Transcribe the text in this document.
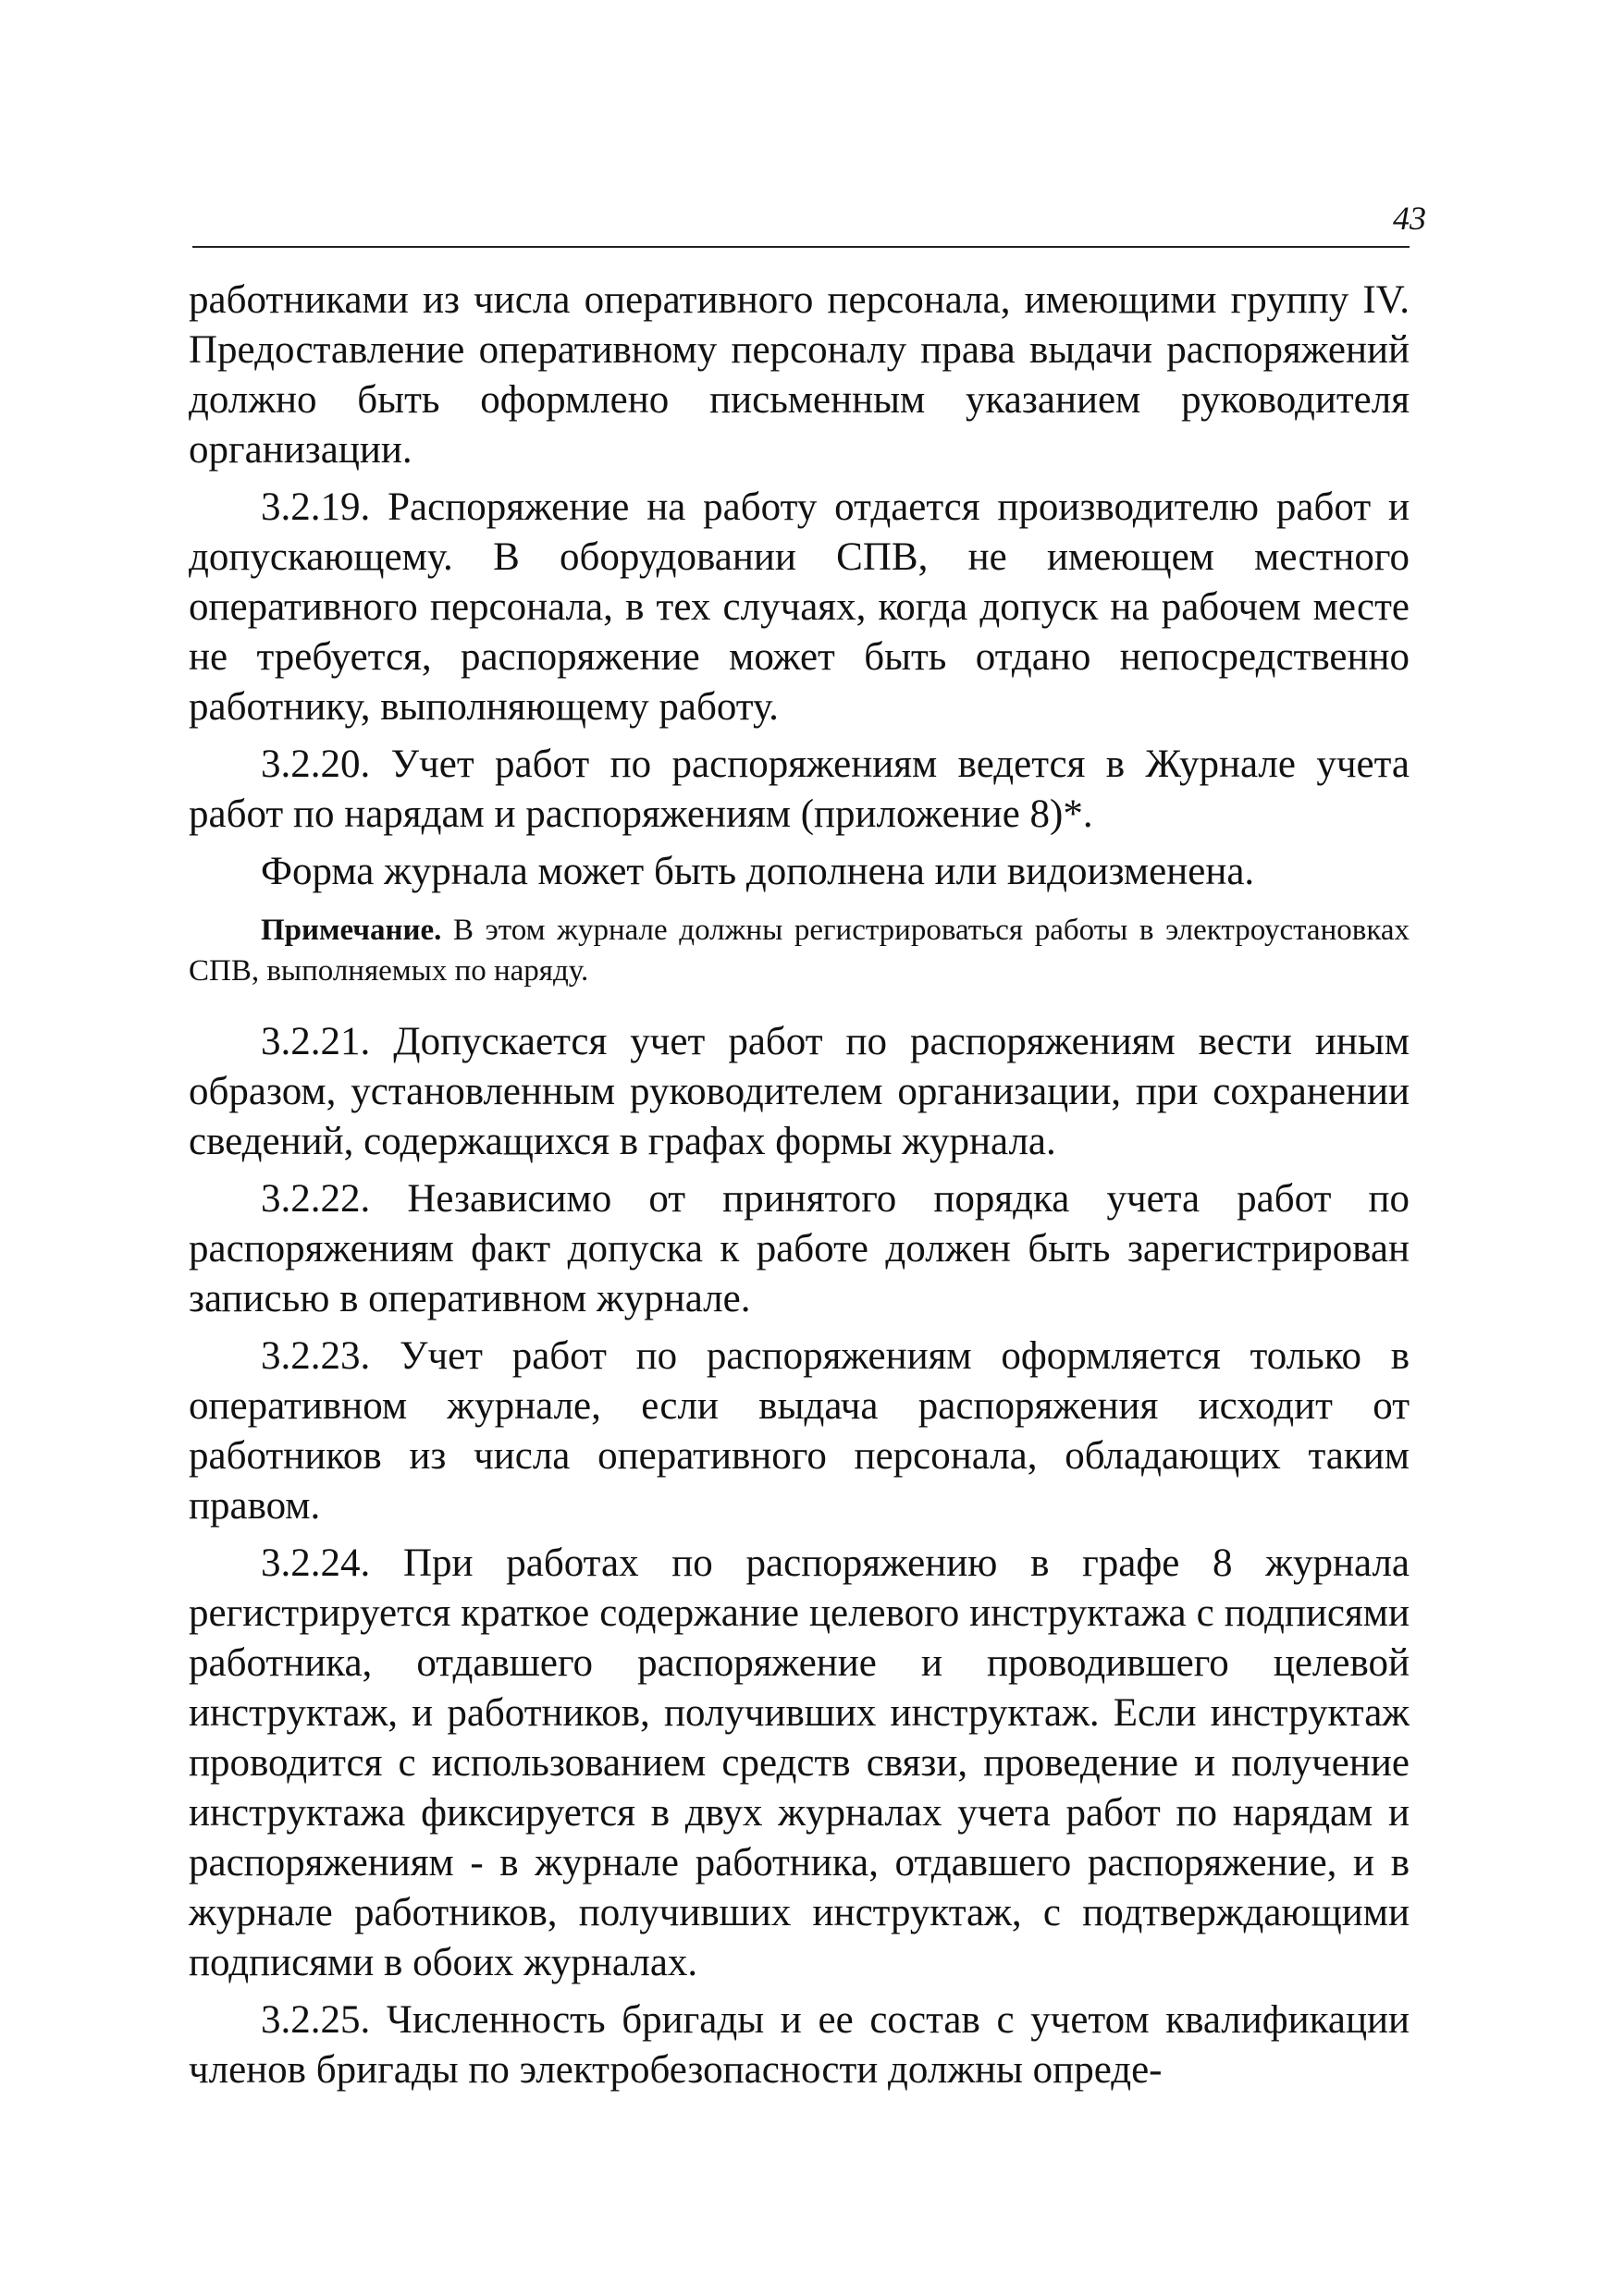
43

работниками из числа оперативного персонала, имеющими группу IV. Предоставление оперативному персоналу права выдачи распоряжений должно быть оформлено письменным указанием руководителя организации.

3.2.19. Распоряжение на работу отдается производителю работ и допускающему. В оборудовании СПВ, не имеющем местного оперативного персонала, в тех случаях, когда допуск на рабочем месте не требуется, распоряжение может быть отдано непосредственно работнику, выполняющему работу.

3.2.20. Учет работ по распоряжениям ведется в Журнале учета работ по нарядам и распоряжениям (приложение 8)*.

Форма журнала может быть дополнена или видоизменена.

Примечание. В этом журнале должны регистрироваться работы в электроустановках СПВ, выполняемых по наряду.

3.2.21. Допускается учет работ по распоряжениям вести иным образом, установленным руководителем организации, при сохранении сведений, содержащихся в графах формы журнала.

3.2.22. Независимо от принятого порядка учета работ по распоряжениям факт допуска к работе должен быть зарегистрирован записью в оперативном журнале.

3.2.23. Учет работ по распоряжениям оформляется только в оперативном журнале, если выдача распоряжения исходит от работников из числа оперативного персонала, обладающих таким правом.

3.2.24. При работах по распоряжению в графе 8 журнала регистрируется краткое содержание целевого инструктажа с подписями работника, отдавшего распоряжение и проводившего целевой инструктаж, и работников, получивших инструктаж. Если инструктаж проводится с использованием средств связи, проведение и получение инструктажа фиксируется в двух журналах учета работ по нарядам и распоряжениям - в журнале работника, отдавшего распоряжение, и в журнале работников, получивших инструктаж, с подтверждающими подписями в обоих журналах.

3.2.25. Численность бригады и ее состав с учетом квалификации членов бригады по электробезопасности должны опреде-
